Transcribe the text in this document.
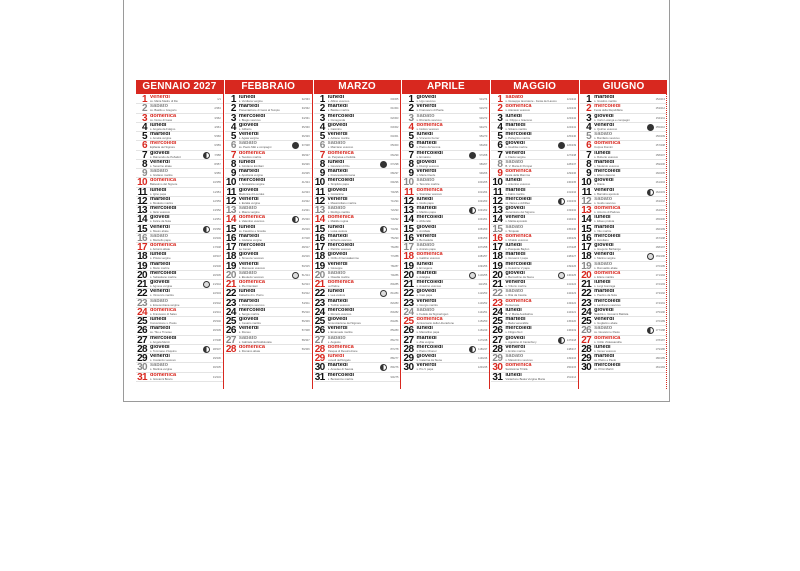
GENNAIO 2027
1 venerdì
ss. Maria Madre di Dio	1/1
2 sabato
ss. Basilio e Gregorio	2/363
3 domenica
ss. Nome di Gesù	3/362
4 lunedì
s. Angela da Foligno	4/361
5 martedì
s. Amelia vergine	5/360
6 mercoledì
Epifania del Signore	6/359
7 giovedì
s. Raimondo de Peñafort	7/358
8 venerdì
s. Severino abate	8/357
9 sabato
s. Giuliano martire	9/356
10 domenica
Battesimo del Signore	10/355
11 lunedì
s. Igino papa	11/354
12 martedì
s. Modesto martire	12/353
13 mercoledì
s. Ilario vescovo	13/352
14 giovedì
s. Felice da Nola	14/351
15 venerdì
s. Mauro abate	15/350
16 sabato
s. Marcello papa	16/349
17 domenica
s. Antonio abate	17/348
18 lunedì
s. Prisca vergine	18/347
19 martedì
s. Mario martire	19/346
20 mercoledì
s. Sebastiano martire	20/345
21 giovedì
s. Agnese vergine	21/344
22 venerdì
s. Vincenzo martire	22/343
23 sabato
s. Emerenziana vergine	23/342
24 domenica
s. Francesco di Sales	24/341
25 lunedì
Conversione s. Paolo	25/340
26 martedì
ss. Tito e Timoteo	26/339
27 mercoledì
s. Angela Merici	27/338
28 giovedì
s. Tommaso d'Aquino	28/337
29 venerdì
s. Costanzo vescovo	29/336
30 sabato
s. Martina vergine	30/335
31 domenica
s. Giovanni Bosco	31/334
FEBBRAIO
1 lunedì
s. Verdiana vergine	32/333
2 martedì
Presentazione di Gesù al Tempio	33/332
3 mercoledì
s. Biagio vescovo	34/331
4 giovedì
s. Gilberto	35/330
5 venerdì
s. Agata vergine	36/329
6 sabato
ss. Paolo Miki e compagni	37/328
7 domenica
s. Teodoro martire	38/327
8 lunedì
s. Girolamo Emiliani	39/326
9 martedì
s. Apollonia vergine	40/325
10 mercoledì
s. Scolastica vergine	41/324
11 giovedì
Madonna di Lourdes	42/323
12 venerdì
s. Eulalia vergine	43/322
13 sabato
s. Maura vergine	44/321
14 domenica
s. Valentino vescovo	45/320
15 lunedì
ss. Faustino e Giovita	46/319
16 martedì
s. Giuliana vergine	47/318
17 mercoledì
Le Ceneri	48/317
18 giovedì
s. Simeone vescovo	49/316
19 venerdì
s. Mansueto vescovo	50/315
20 sabato
s. Eleuterio vescovo	51/314
21 domenica
s. Pier Damiani	52/313
22 lunedì
Cattedra di s. Pietro	53/312
23 martedì
s. Policarpo vescovo	54/311
24 mercoledì
s. Sergio martire	55/310
25 giovedì
s. Cesario martire	56/309
26 venerdì
s. Romeo	57/308
27 sabato
s. Gabriele dell'Addolorata	58/307
28 domenica
s. Romano abate	59/306
MARZO
1 lunedì
s. Albino vescovo	60/305
2 martedì
s. Basileo martire	61/304
3 mercoledì
s. Cunegonda	62/303
4 giovedì
s. Casimiro	63/302
5 venerdì
s. Adriano martire	64/301
6 sabato
s. Marciano vescovo	65/300
7 domenica
ss. Perpetua e Felicita	66/299
8 lunedì
s. Giovanni di Dio	67/298
9 martedì
s. Francesca Romana	68/297
10 mercoledì
s. Simplicio papa	69/296
11 giovedì
s. Costantino	70/295
12 venerdì
s. Massimiliano martire	71/294
13 sabato
s. Rodrigo martire	72/293
14 domenica
s. Matilde regina	73/292
15 lunedì
s. Luisa vedova	74/291
16 martedì
s. Eriberto vescovo	75/290
17 mercoledì
s. Patrizio vescovo	76/289
18 giovedì
s. Cirillo di Gerusalemme	77/288
19 venerdì
s. Giuseppe	78/287
20 sabato
s. Claudia martire	79/286
21 domenica
Le Palme	80/285
22 lunedì
s. Lea vedova	81/284
23 martedì
s. Turibio vescovo	82/283
24 mercoledì
s. Romolo vescovo	83/282
25 giovedì
Annunciazione del Signore	84/281
26 venerdì
s. Emanuele martire	85/280
27 sabato
s. Augusto	86/279
28 domenica
Pasqua di Resurrezione	87/278
29 lunedì
Lunedì dell'Angelo	88/277
30 martedì
s. Amedeo di Savoia	89/276
31 mercoledì
s. Beniamino martire	90/275
APRILE
1 giovedì
s. Ugo vescovo	91/274
2 venerdì
s. Francesco di Paola	92/273
3 sabato
s. Riccardo vescovo	93/272
4 domenica
s. Isidoro vescovo	94/271
5 lunedì
s. Vincenzo Ferrer	95/270
6 martedì
s. Pietro da Verona	96/269
7 mercoledì
s. Ermanno	97/268
8 giovedì
s. Dionigi vescovo	98/267
9 venerdì
s. Maria Cleofe	99/266
10 sabato
s. Terenzio martire	100/265
11 domenica
s. Stanislao vescovo	101/264
12 lunedì
s. Giulio papa	102/263
13 martedì
s. Martino papa	103/262
14 mercoledì
s. Abbondio	104/261
15 giovedì
s. Annibale	105/260
16 venerdì
s. Bernadette	106/259
17 sabato
s. Aniceto papa	107/258
18 domenica
s. Galdino vescovo	108/257
19 lunedì
s. Ermogene	109/256
20 martedì
s. Adalgisa	110/255
21 mercoledì
s. Anselmo vescovo	111/254
22 giovedì
s. Caio papa	112/253
23 venerdì
s. Giorgio martire	113/252
24 sabato
s. Fedele da Sigmaringen	114/251
25 domenica
Anniversario della Liberazione	115/250
26 lunedì
s. Marcellino papa	116/249
27 martedì
s. Zita vergine	117/248
28 mercoledì
s. Pietro Chanel	118/247
29 giovedì
s. Caterina da Siena	119/246
30 venerdì
s. Pio V papa	120/245
MAGGIO
1 sabato
s. Giuseppe lavoratore - Festa del Lavoro	121/244
2 domenica
s. Atanasio vescovo	122/243
3 lunedì
ss. Filippo e Giacomo	123/242
4 martedì
s. Silvano martire	124/241
5 mercoledì
s. Pellegrino martire	125/240
6 giovedì
s. Giuditta martire	126/239
7 venerdì
s. Flavia vergine	127/238
8 sabato
B. V. Maria di Pompei	128/237
9 domenica
Festa della Mamma	129/236
10 lunedì
s. Antonino vescovo	130/235
11 martedì
s. Fabio martire	131/234
12 mercoledì
ss. Nereo e Achilleo	132/233
13 giovedì
Ascensione del Signore	133/232
14 venerdì
s. Mattia apostolo	134/231
15 sabato
s. Torquato	135/230
16 domenica
s. Ubaldo vescovo	136/229
17 lunedì
s. Pasquale Baylon	137/228
18 martedì
s. Giovanni I papa	138/227
19 mercoledì
s. Celestino V papa	139/226
20 giovedì
s. Bernardino da Siena	140/225
21 venerdì
s. Vittorio martire	141/224
22 sabato
s. Rita da Cascia	142/223
23 domenica
Pentecoste	143/222
24 lunedì
B. V. Maria Ausiliatrice	144/221
25 martedì
s. Beda venerabile	145/220
26 mercoledì
s. Filippo Neri	146/219
27 giovedì
s. Agostino di Canterbury	147/218
28 venerdì
s. Emilio martire	148/217
29 sabato
s. Massimino vescovo	149/216
30 domenica
Santissima Trinità	150/215
31 lunedì
Visitazione Beata Vergine Maria	151/214
GIUGNO
1 martedì
s. Giustino martire	152/213
2 mercoledì
Festa della Repubblica	153/212
3 giovedì
s. Carlo Lwanga e compagni	154/211
4 venerdì
s. Quirino vescovo	155/210
5 sabato
s. Bonifacio vescovo	156/209
6 domenica
Corpus Domini	157/208
7 lunedì
s. Roberto vescovo	158/207
8 martedì
s. Medardo vescovo	159/206
9 mercoledì
s. Efrem diacono	160/205
10 giovedì
s. Diana	161/204
11 venerdì
s. Barnaba apostolo	162/203
12 sabato
s. Guido vescovo	163/202
13 domenica
s. Antonio di Padova	164/201
14 lunedì
s. Eliseo profeta	165/200
15 martedì
s. Vito martire	166/199
16 mercoledì
s. Aureliano	167/198
17 giovedì
s. Gregorio Barbarigo	168/197
18 venerdì
s. Marina vergine	169/196
19 sabato
s. Romualdo abate	170/195
20 domenica
s. Ettore martire	171/194
21 lunedì
s. Luigi Gonzaga	172/193
22 martedì
s. Paolino da Nola	173/192
23 mercoledì
s. Lanfranco vescovo	174/191
24 giovedì
Natività s. Giovanni Battista	175/190
25 venerdì
s. Guglielmo abate	176/189
26 sabato
ss. Giovanni e Paolo	177/188
27 domenica
s. Cirillo d'Alessandria	178/187
28 lunedì
s. Ireneo vescovo	179/186
29 martedì
ss. Pietro e Paolo	180/185
30 mercoledì
ss. Primi Martiri	181/184
